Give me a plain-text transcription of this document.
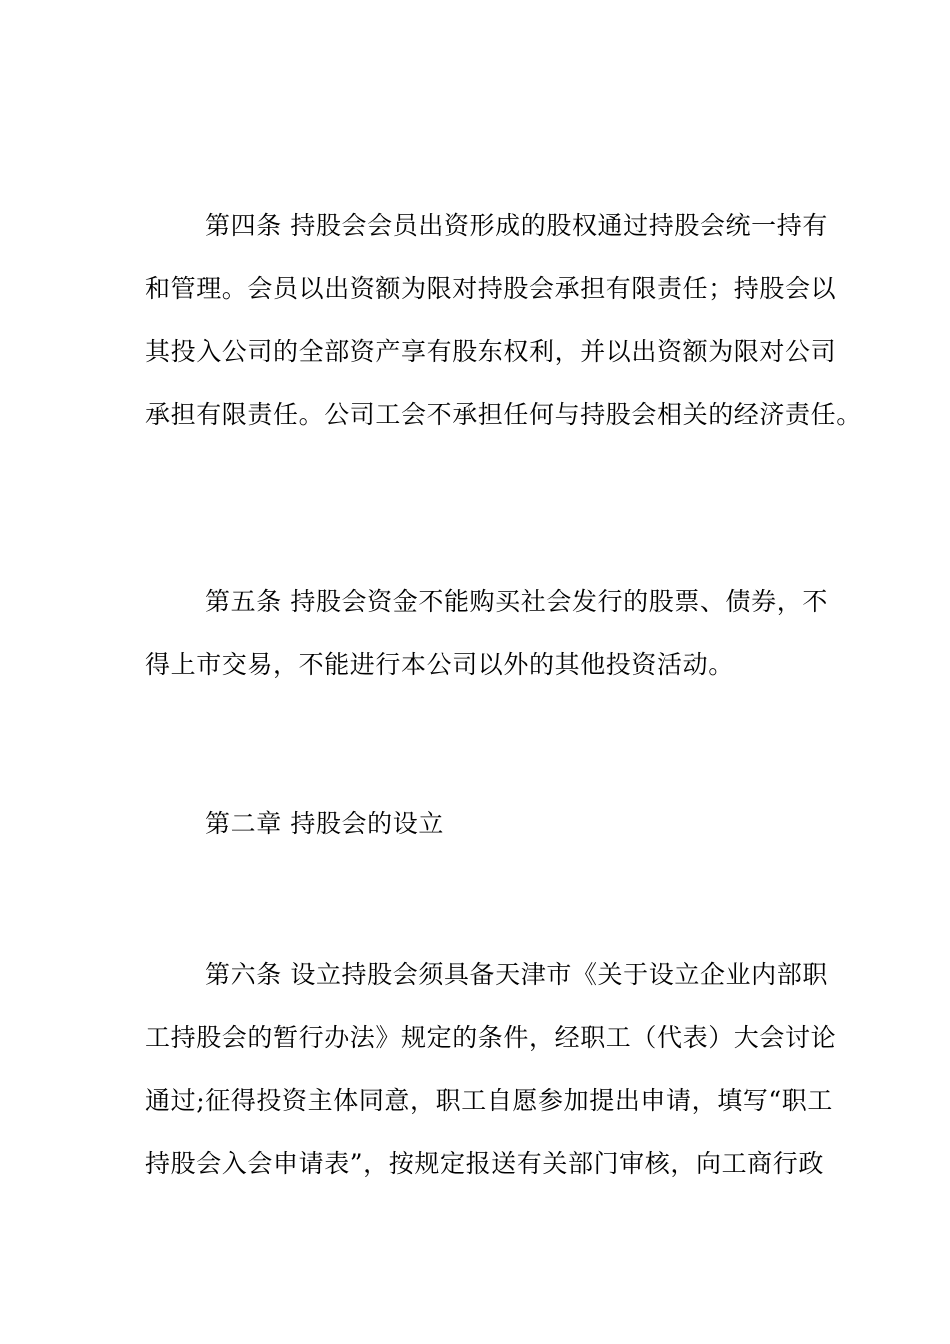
第四条 持股会会员出资形成的股权通过持股会统一持有
和管理。会员以出资额为限对持股会承担有限责任；持股会以
其投入公司的全部资产享有股东权利，并以出资额为限对公司
承担有限责任。公司工会不承担任何与持股会相关的经济责任。
第五条 持股会资金不能购买社会发行的股票、债券，不
得上市交易，不能进行本公司以外的其他投资活动。
第二章 持股会的设立
第六条 设立持股会须具备天津市《关于设立企业内部职
工持股会的暂行办法》规定的条件，经职工（代表）大会讨论
通过;征得投资主体同意，职工自愿参加提出申请，填写“职工
持股会入会申请表”，按规定报送有关部门审核，向工商行政
